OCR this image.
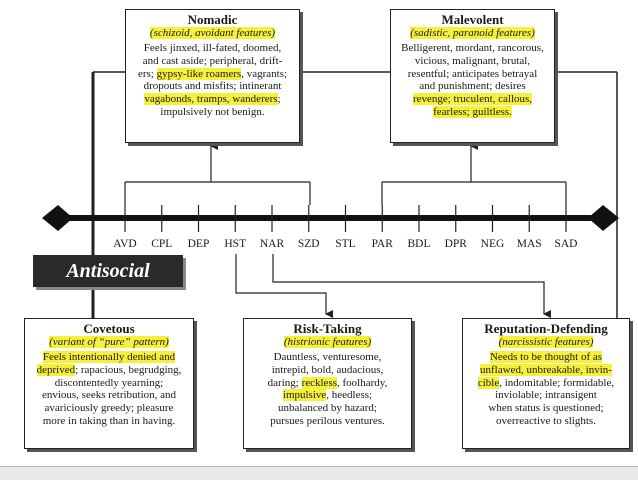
AVD	CPL	DEP	HST	NAR	SZD	STL	PAR	BDL	DPR	NEG	MAS	SAD
Antisocial
Nomadic
(schizoid, avoidant features)
Feels jinxed, ill-fated, doomed,
and cast aside; peripheral, drift-
ers; gypsy-like roamers, vagrants;
dropouts and misfits; intinerant
vagabonds, tramps, wanderers;
impulsively not benign.
Malevolent
(sadistic, paranoid features)
Belligerent, mordant, rancorous,
vicious, malignant, brutal,
resentful; anticipates betrayal
and punishment; desires
revenge; truculent, callous,
fearless; guiltless.
Covetous
(variant of “pure” pattern)
Feels intentionally denied and
deprived; rapacious, begrudging,
discontentedly yearning;
envious, seeks retribution, and
avariciously greedy; pleasure
more in taking than in having.
Risk-Taking
(histrionic features)
Dauntless, venturesome,
intrepid, bold, audacious,
daring; reckless, foolhardy,
impulsive, heedless;
unbalanced by hazard;
pursues perilous ventures.
Reputation-Defending
(narcissistic features)
Needs to be thought of as
unflawed, unbreakable, invin-
cible, indomitable; formidable,
inviolable; intransigent
when status is questioned;
overreactive to slights.
